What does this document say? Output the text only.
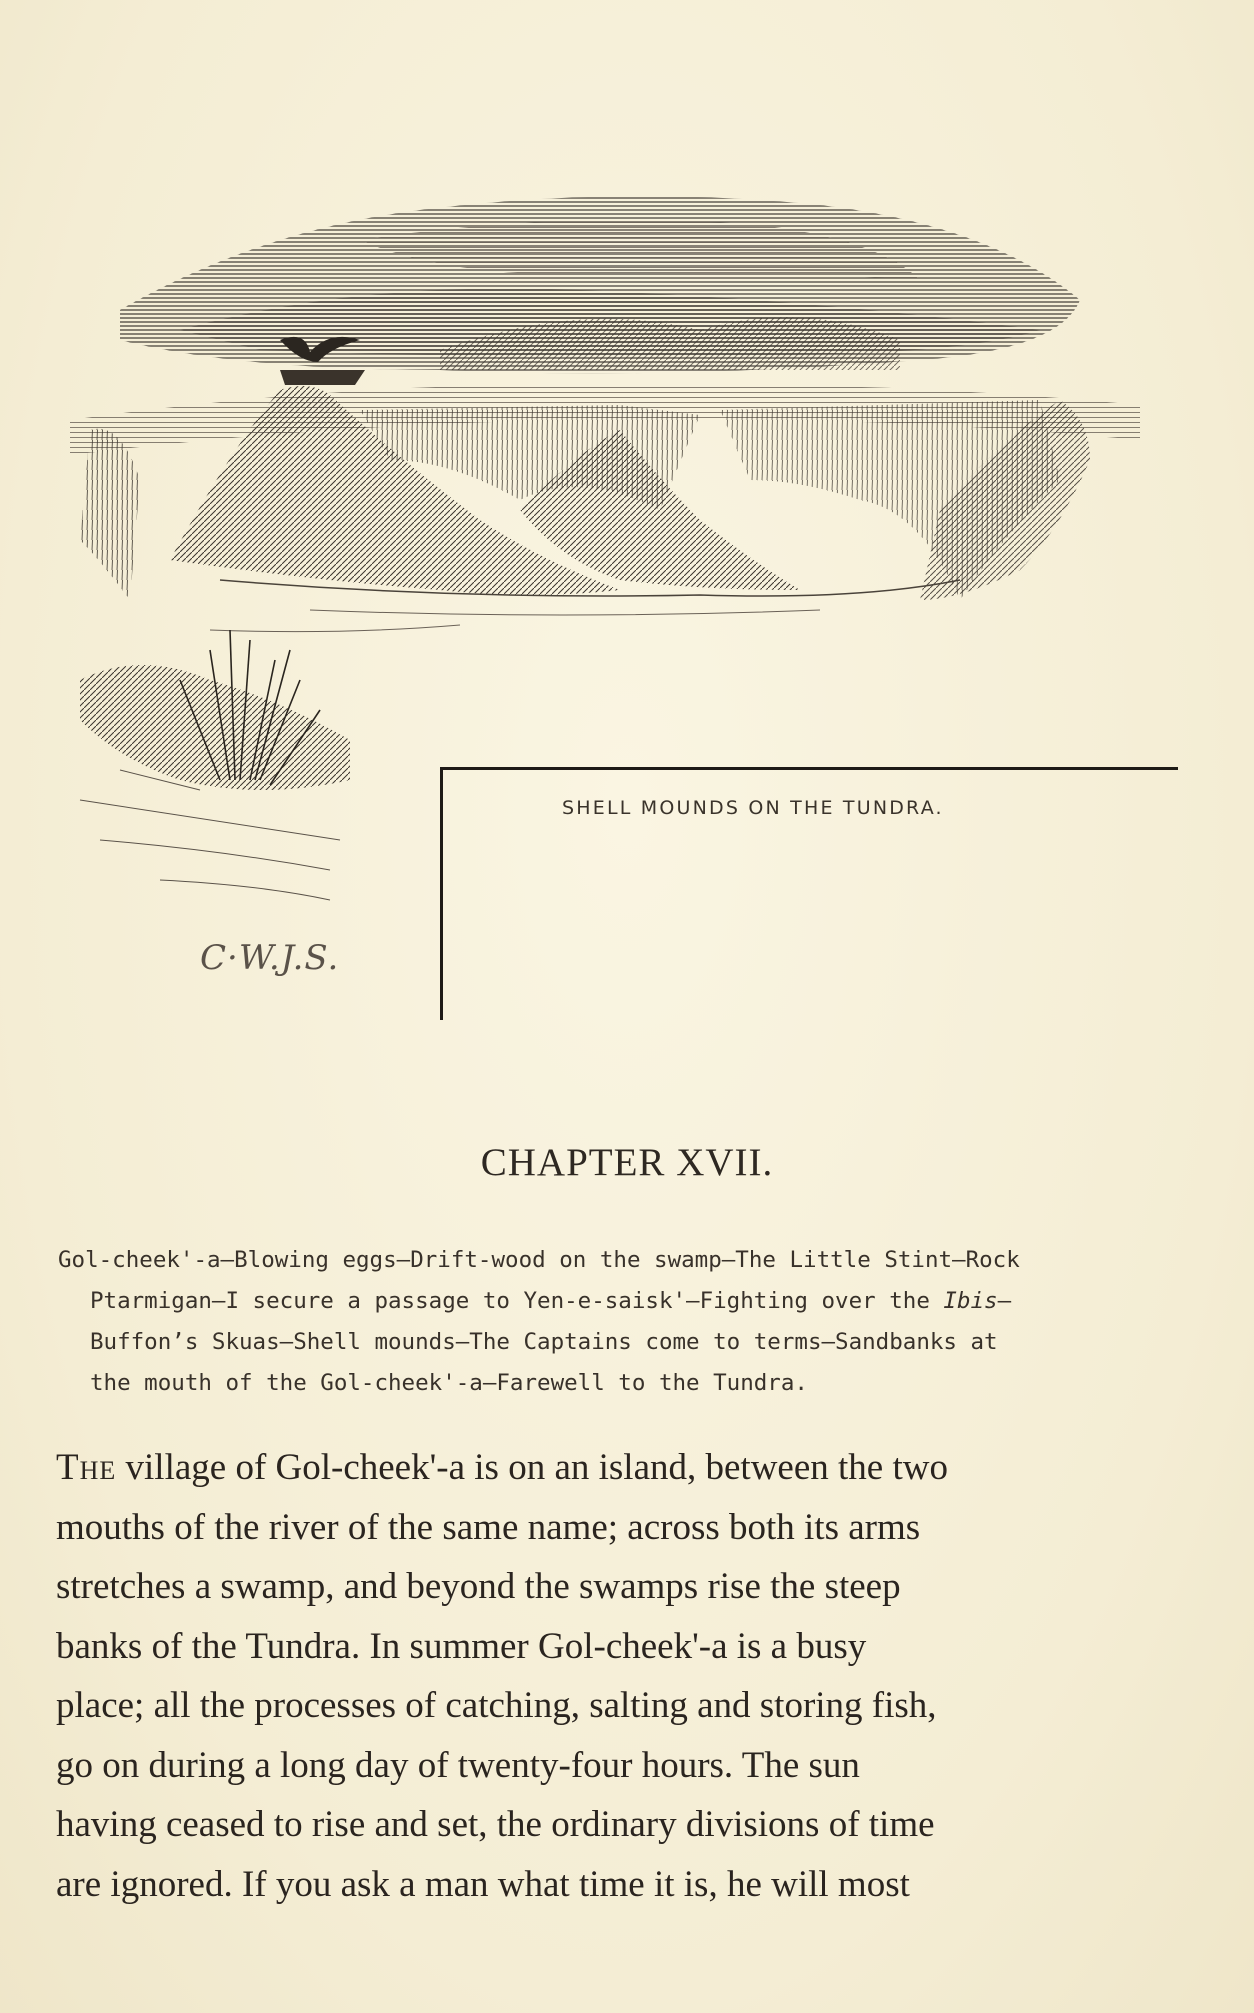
SHELL MOUNDS ON THE TUNDRA.
C·W.J.S.
CHAPTER XVII.
Gol-cheek'-a—Blowing eggs—Drift-wood on the swamp—The Little Stint—Rock
Ptarmigan—I secure a passage to Yen-e-saisk'—Fighting over the Ibis—
Buffon’s Skuas—Shell mounds—The Captains come to terms—Sandbanks at
the mouth of the Gol-cheek'-a—Farewell to the Tundra.
The village of Gol-cheek'-a is on an island, between the two
mouths of the river of the same name; across both its arms
stretches a swamp, and beyond the swamps rise the steep
banks of the Tundra. In summer Gol-cheek'-a is a busy
place; all the processes of catching, salting and storing fish,
go on during a long day of twenty-four hours. The sun
having ceased to rise and set, the ordinary divisions of time
are ignored. If you ask a man what time it is, he will most
